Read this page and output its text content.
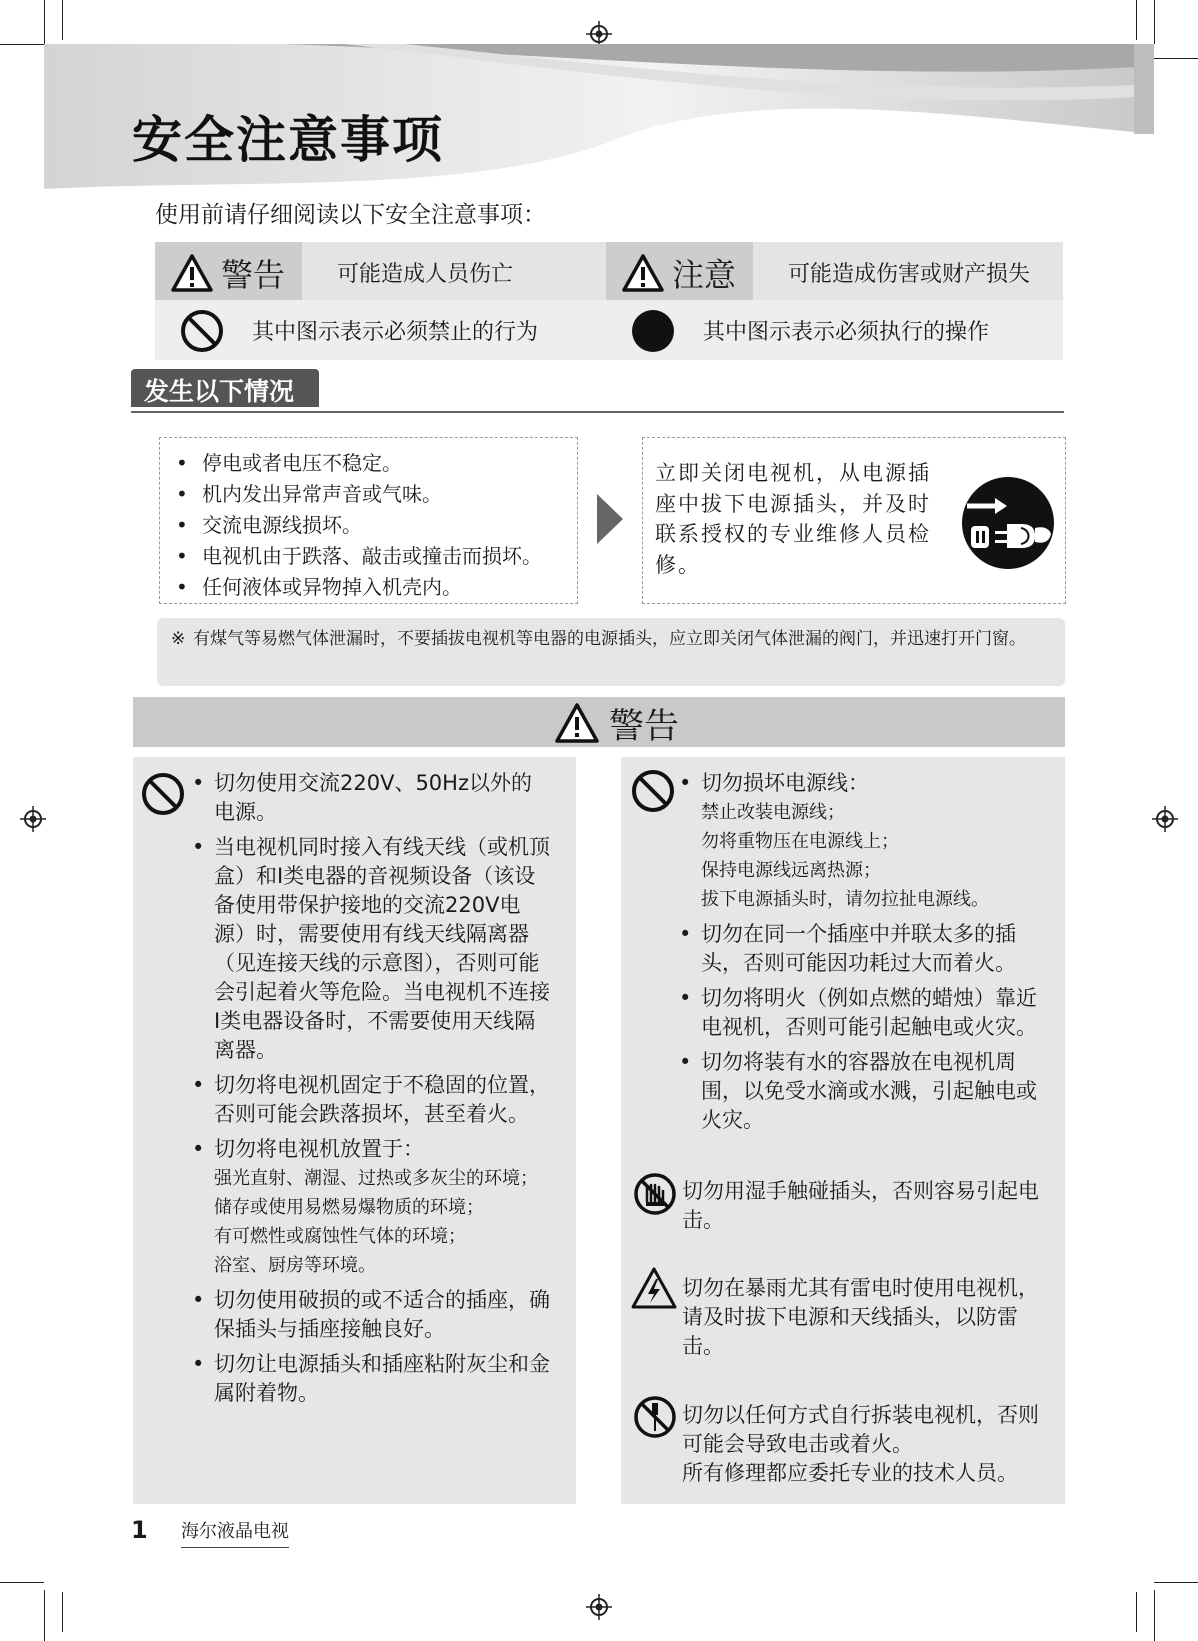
安全注意事项
使用前请仔细阅读以下安全注意事项：
警告 可能造成人员伤亡
其中图示表示必须禁止的行为
注意 可能造成伤害或财产损失
其中图示表示必须执行的操作
发生以下情况
• 停电或者电压不稳定。
• 机内发出异常声音或气味。
• 交流电源线损坏。
• 电视机由于跌落、敲击或撞击而损坏。
• 任何液体或异物掉入机壳内。
立即关闭电视机，从电源插座中拔下电源插头，并及时联系授权的专业维修人员检修。
※ 有煤气等易燃气体泄漏时，不要插拔电视机等电器的电源插头，应立即关闭气体泄漏的阀门，并迅速打开门窗。
警告
• 切勿使用交流220V、50Hz以外的电源。
• 当电视机同时接入有线天线（或机顶盒）和I类电器的音视频设备（该设备使用带保护接地的交流220V电源）时，需要使用有线天线隔离器（见连接天线的示意图），否则可能会引起着火等危险。当电视机不连接I类电器设备时，不需要使用天线隔离器。
• 切勿将电视机固定于不稳固的位置，否则可能会跌落损坏，甚至着火。
• 切勿将电视机放置于：
强光直射、潮湿、过热或多灰尘的环境；
储存或使用易燃易爆物质的环境；
有可燃性或腐蚀性气体的环境；
浴室、厨房等环境。
• 切勿使用破损的或不适合的插座，确保插头与插座接触良好。
• 切勿让电源插头和插座粘附灰尘和金属附着物。
• 切勿损坏电源线：
禁止改装电源线；
勿将重物压在电源线上；
保持电源线远离热源；
拔下电源插头时，请勿拉扯电源线。
• 切勿在同一个插座中并联太多的插头，否则可能因功耗过大而着火。
• 切勿将明火（例如点燃的蜡烛）靠近电视机，否则可能引起触电或火灾。
• 切勿将装有水的容器放在电视机周围，以免受水滴或水溅，引起触电或火灾。
切勿用湿手触碰插头，否则容易引起电击。
切勿在暴雨尤其有雷电时使用电视机，请及时拔下电源和天线插头，以防雷击。
切勿以任何方式自行拆装电视机，否则可能会导致电击或着火。
所有修理都应委托专业的技术人员。
1 海尔液晶电视
